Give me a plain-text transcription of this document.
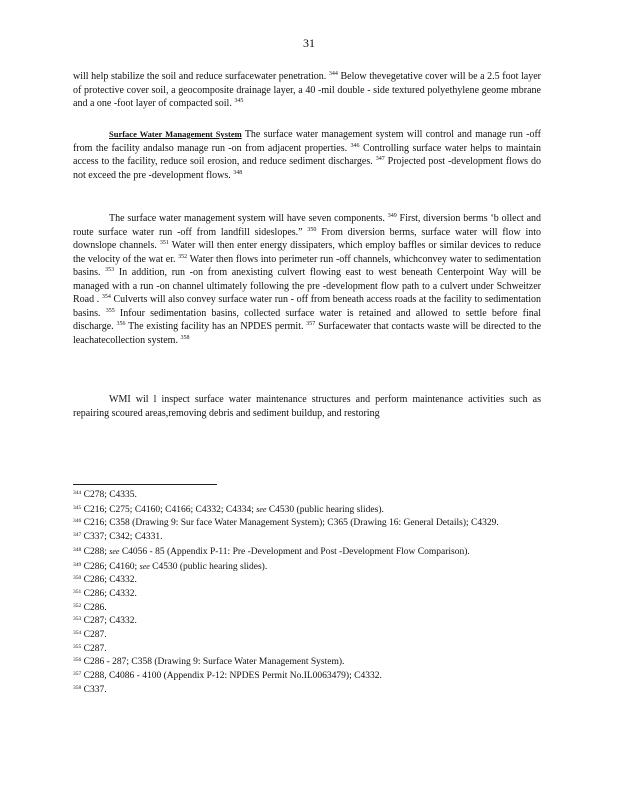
31

will help stabilize the soil and reduce surfacewater penetration. $^{344}$ Below thevegetative cover will be a 2.5 foot layer of protective cover soil, a geocomposite drainage layer, a 40 -mil double - side textured polyethylene geome mbrane and a one -foot layer of compacted soil. $^{345}$

Surface Water Management System The surface water management system will control and manage run -off from the facility andalso manage run -on from adjacent properties. $^{346}$ Controlling surface water helps to maintain access to the facility, reduce soil erosion, and reduce sediment discharges. $^{347}$ Projected post -development flows do not exceed the pre -development flows. $^{348}$

The surface water management system will have seven components. $^{349}$ First, diversion berms ‘b ollect and route surface water run -off from landfill sideslopes.” $^{350}$ From diversion berms, surface water will flow into downslope channels. $^{351}$ Water will then enter energy dissipaters, which employ baffles or similar devices to reduce the velocity of the wat er. $^{352}$ Water then flows into perimeter run -off channels, whichconvey water to sedimentation basins. $^{353}$ In addition, run -on from anexisting culvert flowing east to west beneath Centerpoint Way will be managed with a run -on channel ultimately following the pre -development flow path to a culvert under Schweitzer Road . $^{354}$ Culverts will also convey surface water run - off from beneath access roads at the facility to sedimentation basins. $^{355}$ Infour sedimentation basins, collected surface water is retained and allowed to settle before final discharge. $^{356}$ The existing facility has an NPDES permit. $^{357}$ Surfacewater that contacts waste will be directed to the leachatecollection system. $^{358}$

WMI wil l inspect surface water maintenance structures and perform maintenance activities such as repairing scoured areas,removing debris and sediment buildup, and restoring

$^{344}$ C278; C4335.

$^{345}$ C216; C275; C4160; C4166; C4332; C4334; see C4530 (public hearing slides).

$^{346}$ C216; C358 (Drawing 9: Sur face Water Management System); C365 (Drawing 16: General Details); C4329.

$^{347}$ C337; C342; C4331.

$^{348}$ C288; see C4056 - 85 (Appendix P-11: Pre -Development and Post -Development Flow Comparison).

$^{349}$ C286; C4160; see C4530 (public hearing slides).

$^{350}$ C286; C4332.

$^{351}$ C286; C4332.

$^{352}$ C286.

$^{353}$ C287; C4332.

$^{354}$ C287.

$^{355}$ C287.

$^{356}$ C286 - 287; C358 (Drawing 9: Surface Water Management System).

$^{357}$ C288, C4086 - 4100 (Appendix P-12: NPDES Permit No.IL0063479); C4332.

$^{358}$ C337.
